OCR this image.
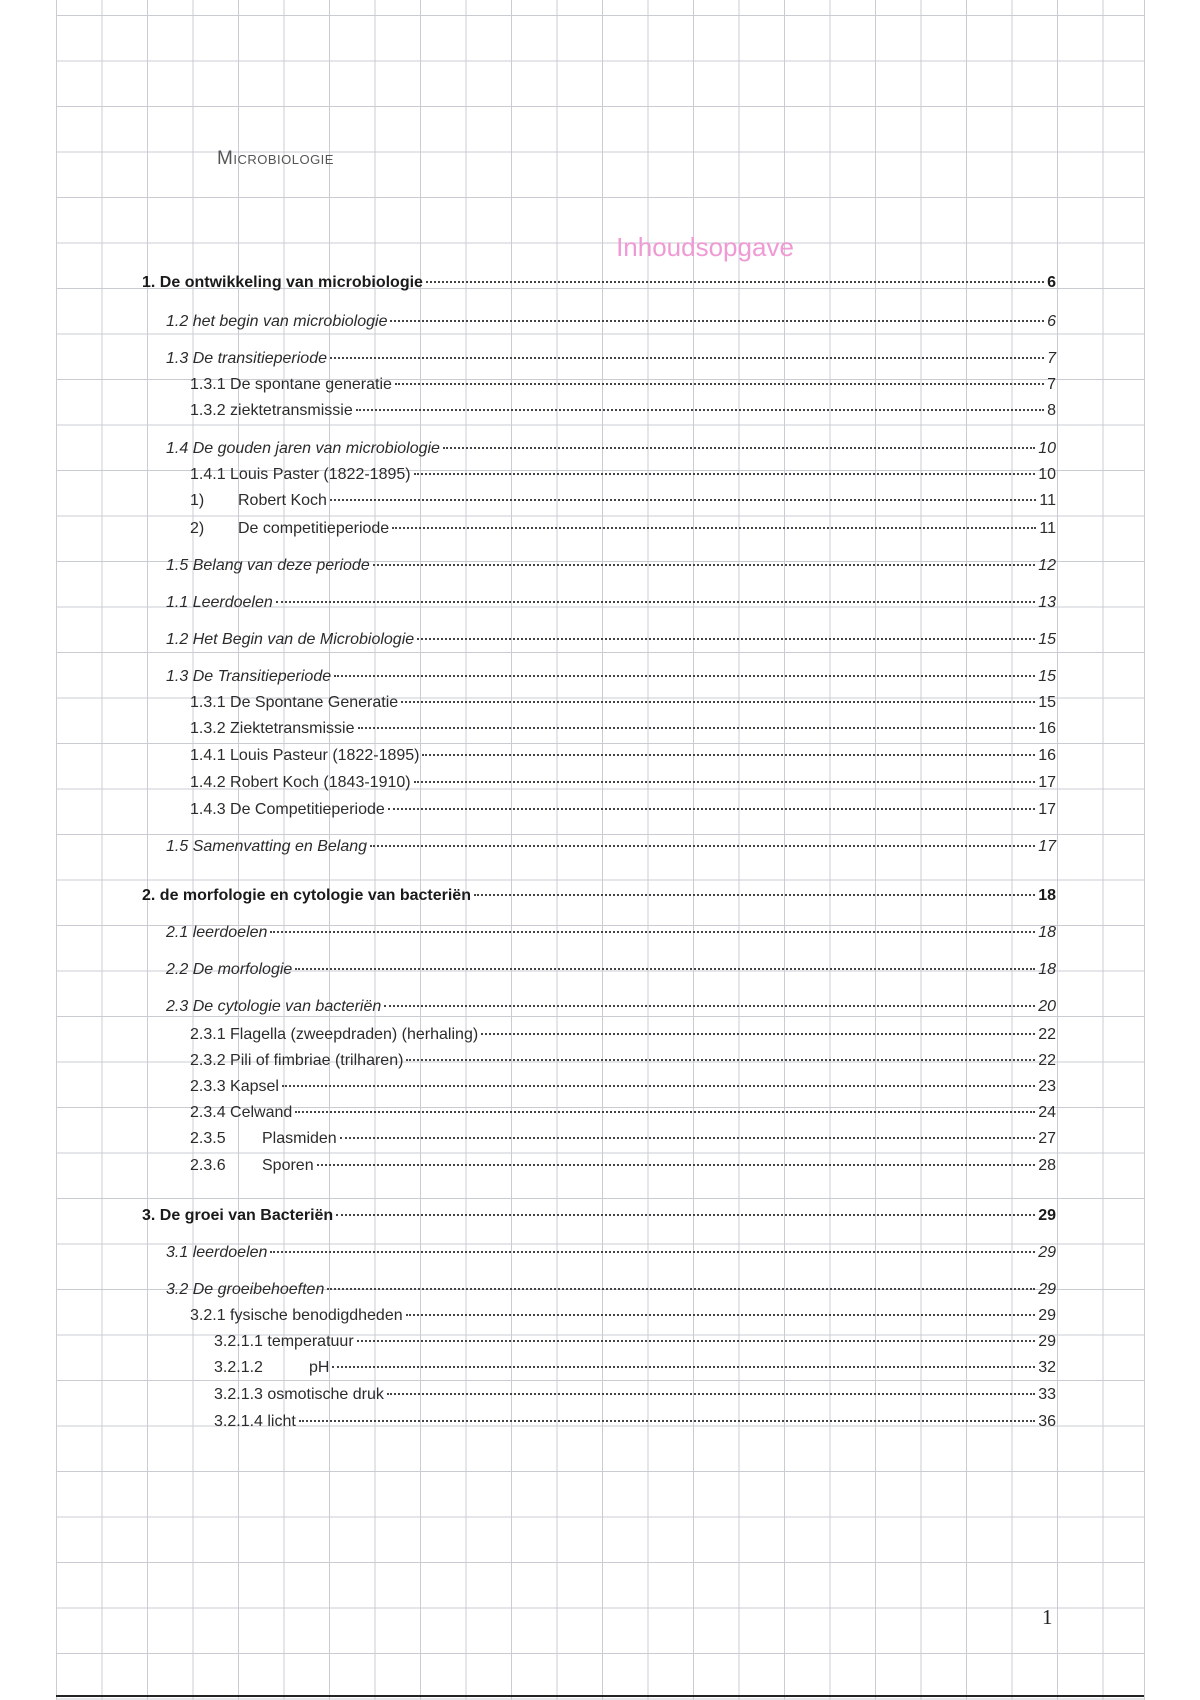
Microbiologie
Inhoudsopgave
1. De ontwikkeling van microbiologie	6
1.2 het begin van microbiologie	6
1.3 De transitieperiode	7
1.3.1 De spontane generatie	7
1.3.2 ziektetransmissie	8
1.4 De gouden jaren van microbiologie	10
1.4.1 Louis Paster (1822-1895)	10
1)	Robert Koch	11
2)	De competitieperiode	11
1.5 Belang van deze periode	12
1.1 Leerdoelen	13
1.2 Het Begin van de Microbiologie	15
1.3 De Transitieperiode	15
1.3.1 De Spontane Generatie	15
1.3.2 Ziektetransmissie	16
1.4.1 Louis Pasteur (1822-1895)	16
1.4.2 Robert Koch (1843-1910)	17
1.4.3 De Competitieperiode	17
1.5 Samenvatting en Belang	17
2. de morfologie en cytologie van bacteriën	18
2.1 leerdoelen	18
2.2 De morfologie	18
2.3 De cytologie van bacteriën	20
2.3.1 Flagella (zweepdraden) (herhaling)	22
2.3.2 Pili of fimbriae (trilharen)	22
2.3.3 Kapsel	23
2.3.4 Celwand	24
2.3.5	Plasmiden	27
2.3.6	Sporen	28
3. De groei van Bacteriën	29
3.1 leerdoelen	29
3.2 De groeibehoeften	29
3.2.1 fysische benodigdheden	29
3.2.1.1 temperatuur	29
3.2.1.2	pH	32
3.2.1.3 osmotische druk	33
3.2.1.4 licht	36
1
